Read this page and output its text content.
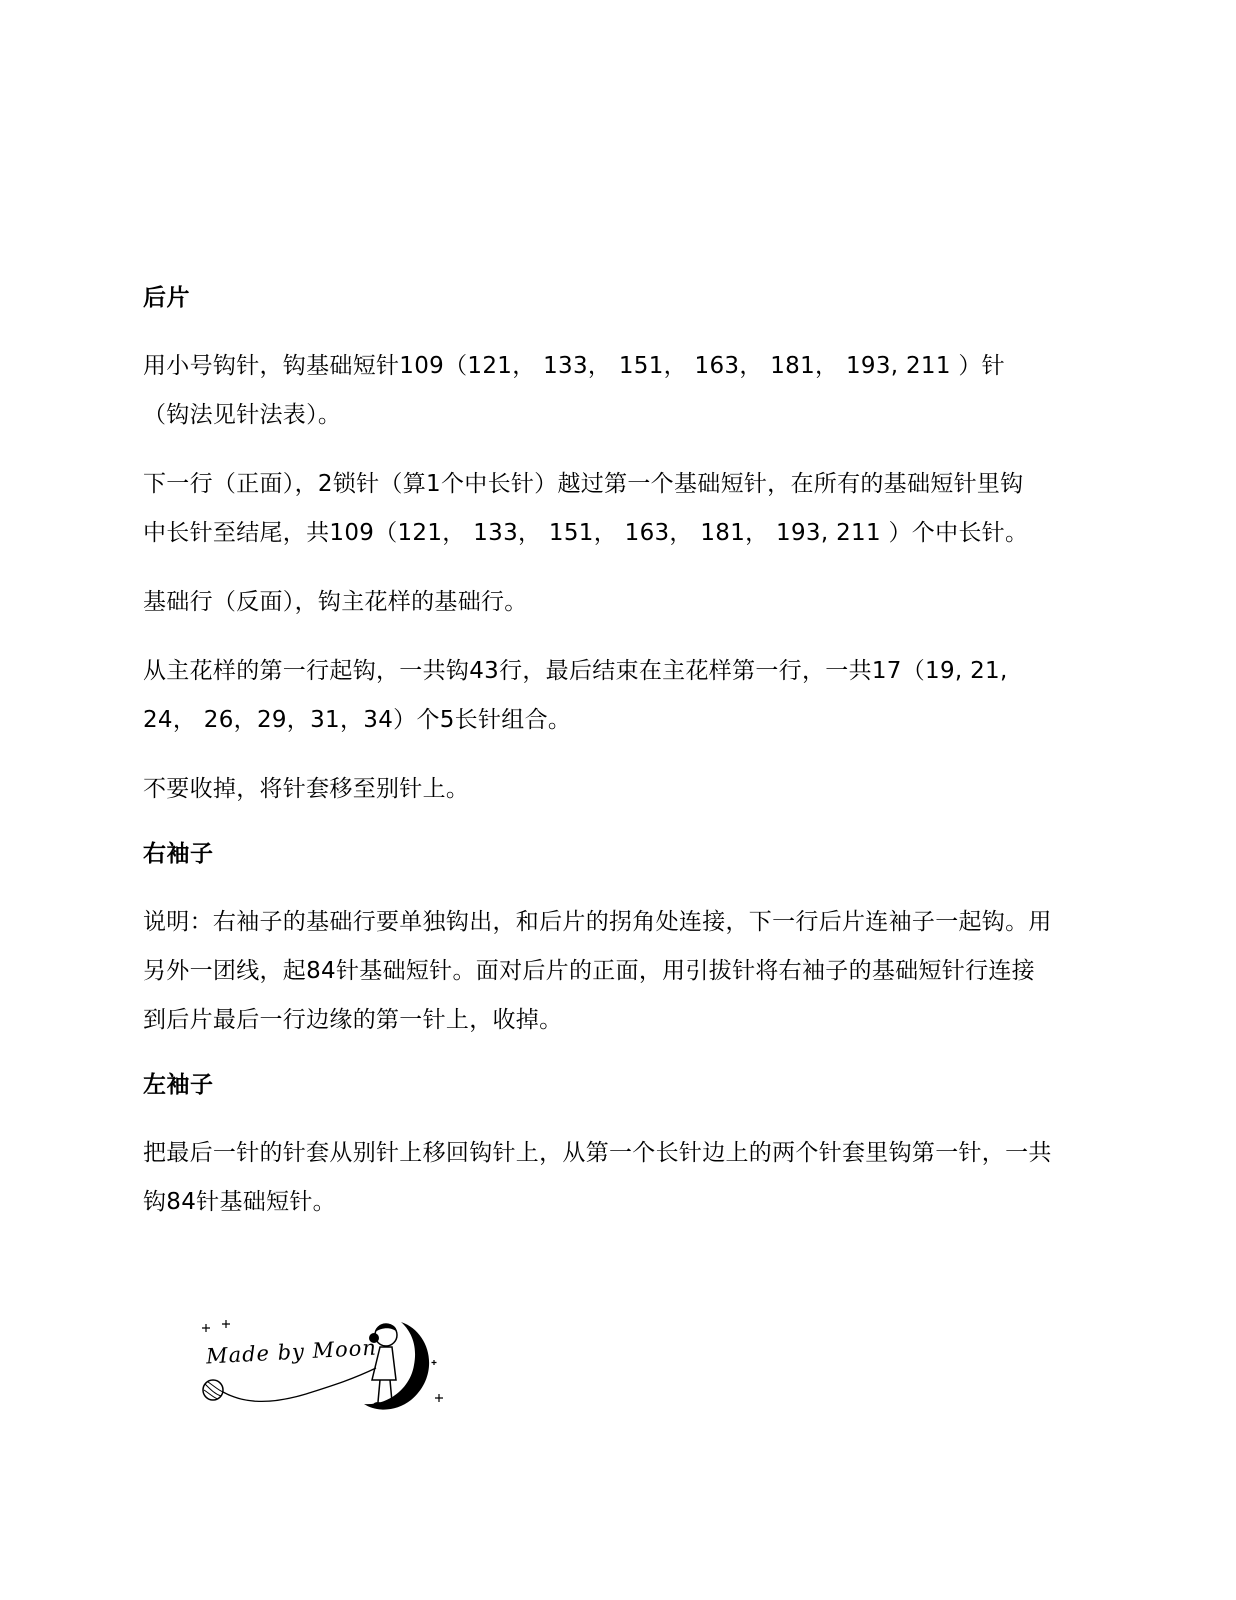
后片

用小号钩针，钩基础短针109（121， 133， 151， 163， 181， 193, 211 ）针
（钩法见针法表）。

下一行（正面），2锁针（算1个中长针）越过第一个基础短针，在所有的基础短针里钩
中长针至结尾，共109（121， 133， 151， 163， 181， 193, 211 ）个中长针。

基础行（反面），钩主花样的基础行。

从主花样的第一行起钩，一共钩43行，最后结束在主花样第一行，一共17（19, 21,
24， 26，29，31，34）个5长针组合。

不要收掉，将针套移至别针上。

右袖子

说明：右袖子的基础行要单独钩出，和后片的拐角处连接，下一行后片连袖子一起钩。用
另外一团线，起84针基础短针。面对后片的正面，用引拔针将右袖子的基础短针行连接
到后片最后一行边缘的第一针上，收掉。

左袖子

把最后一针的针套从别针上移回钩针上，从第一个长针边上的两个针套里钩第一针，一共
钩84针基础短针。

Made by Moon
